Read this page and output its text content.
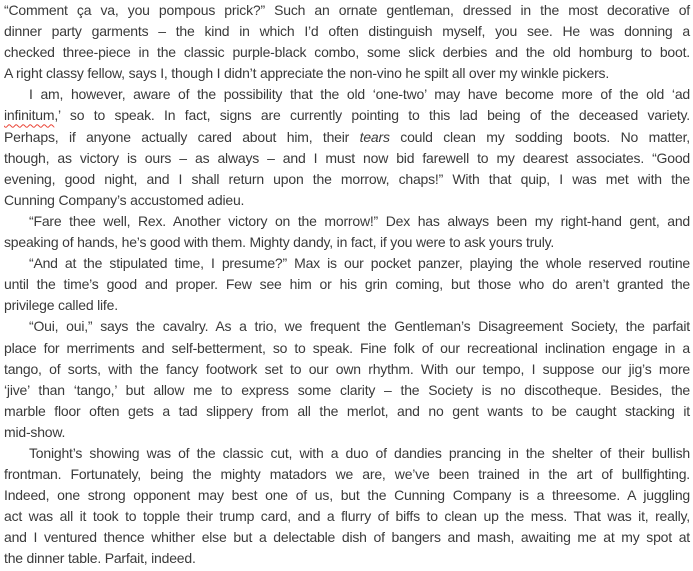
“Comment ça va, you pompous prick?” Such an ornate gentleman, dressed in the most decorative of
dinner party garments – the kind in which I’d often distinguish myself, you see. He was donning a
checked three-piece in the classic purple-black combo, some slick derbies and the old homburg to boot.
A right classy fellow, says I, though I didn’t appreciate the non-vino he spilt all over my winkle pickers.
I am, however, aware of the possibility that the old ‘one-two’ may have become more of the old ‘ad
infinitum,’ so to speak. In fact, signs are currently pointing to this lad being of the deceased variety.
Perhaps, if anyone actually cared about him, their tears could clean my sodding boots. No matter,
though, as victory is ours – as always – and I must now bid farewell to my dearest associates. “Good
evening, good night, and I shall return upon the morrow, chaps!” With that quip, I was met with the
Cunning Company’s accustomed adieu.
“Fare thee well, Rex. Another victory on the morrow!” Dex has always been my right-hand gent, and
speaking of hands, he’s good with them. Mighty dandy, in fact, if you were to ask yours truly.
“And at the stipulated time, I presume?” Max is our pocket panzer, playing the whole reserved routine
until the time’s good and proper. Few see him or his grin coming, but those who do aren’t granted the
privilege called life.
“Oui, oui,” says the cavalry. As a trio, we frequent the Gentleman’s Disagreement Society, the parfait
place for merriments and self-betterment, so to speak. Fine folk of our recreational inclination engage in a
tango, of sorts, with the fancy footwork set to our own rhythm. With our tempo, I suppose our jig’s more
‘jive’ than ‘tango,’ but allow me to express some clarity – the Society is no discotheque. Besides, the
marble floor often gets a tad slippery from all the merlot, and no gent wants to be caught stacking it
mid-show.
Tonight’s showing was of the classic cut, with a duo of dandies prancing in the shelter of their bullish
frontman. Fortunately, being the mighty matadors we are, we’ve been trained in the art of bullfighting.
Indeed, one strong opponent may best one of us, but the Cunning Company is a threesome. A juggling
act was all it took to topple their trump card, and a flurry of biffs to clean up the mess. That was it, really,
and I ventured thence whither else but a delectable dish of bangers and mash, awaiting me at my spot at
the dinner table. Parfait, indeed.
